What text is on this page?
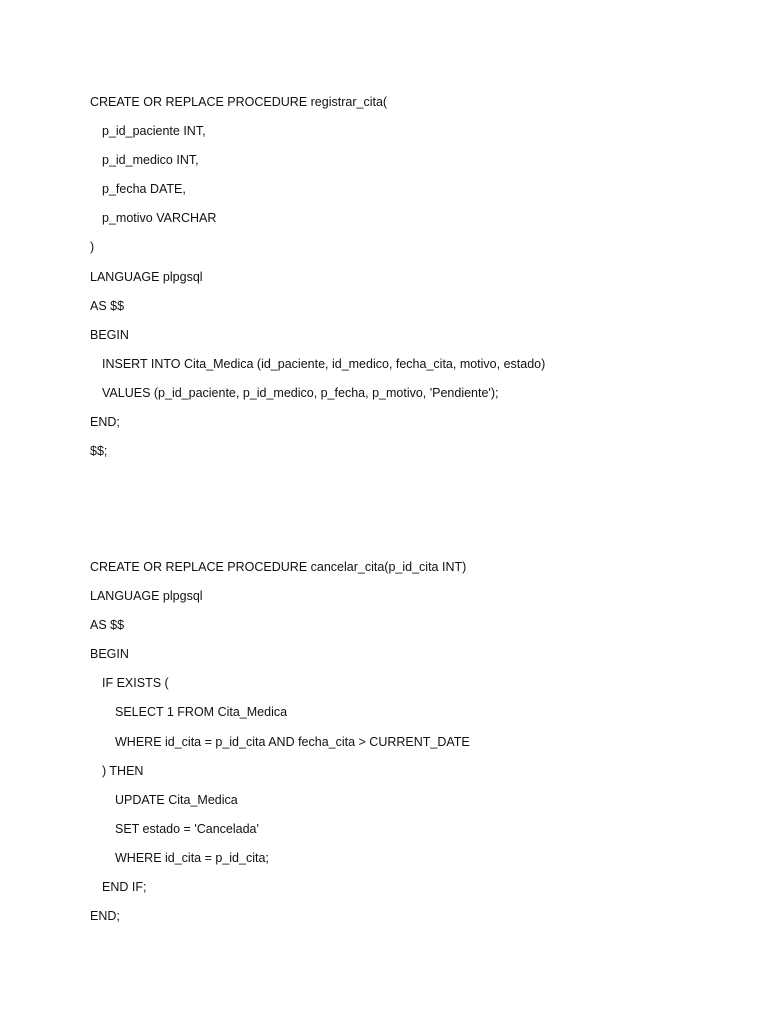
CREATE OR REPLACE PROCEDURE registrar_cita(
p_id_paciente INT,
p_id_medico INT,
p_fecha DATE,
p_motivo VARCHAR
)
LANGUAGE plpgsql
AS $$
BEGIN
INSERT INTO Cita_Medica (id_paciente, id_medico, fecha_cita, motivo, estado)
VALUES (p_id_paciente, p_id_medico, p_fecha, p_motivo, 'Pendiente');
END;
$$;
CREATE OR REPLACE PROCEDURE cancelar_cita(p_id_cita INT)
LANGUAGE plpgsql
AS $$
BEGIN
IF EXISTS (
SELECT 1 FROM Cita_Medica
WHERE id_cita = p_id_cita AND fecha_cita > CURRENT_DATE
) THEN
UPDATE Cita_Medica
SET estado = 'Cancelada'
WHERE id_cita = p_id_cita;
END IF;
END;
